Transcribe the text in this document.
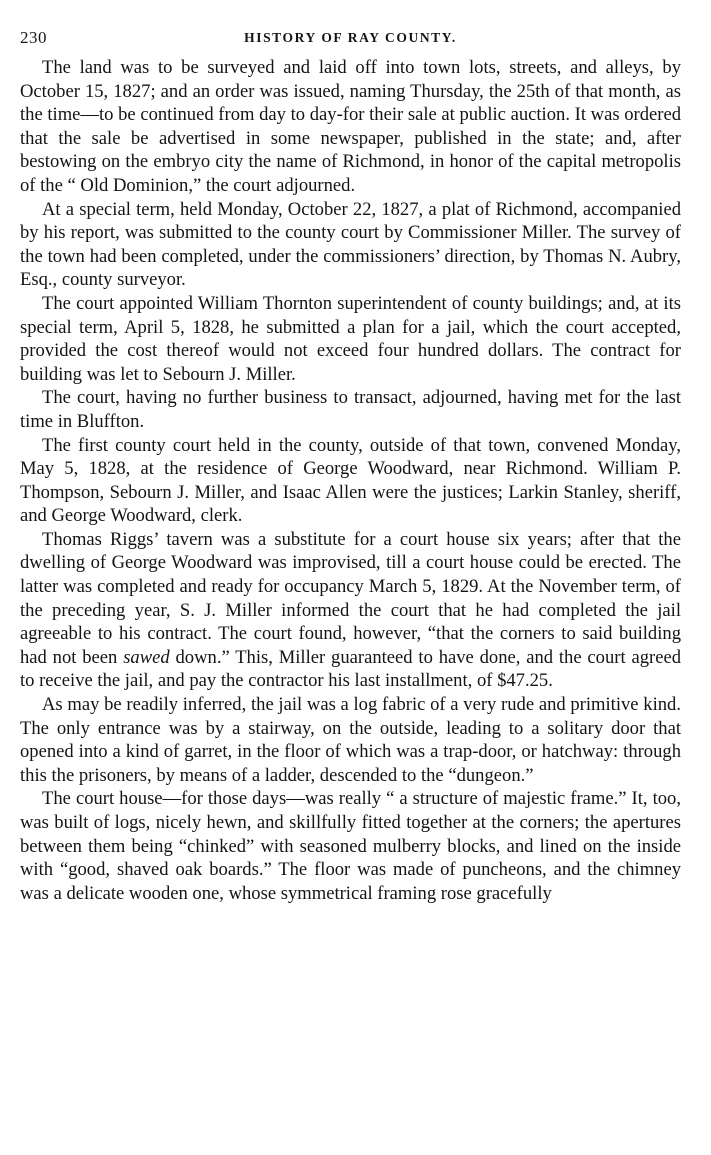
230	HISTORY OF RAY COUNTY.

The land was to be surveyed and laid off into town lots, streets, and alleys, by October 15, 1827; and an order was issued, naming Thursday, the 25th of that month, as the time—to be continued from day to day-for their sale at public auction. It was ordered that the sale be advertised in some newspaper, published in the state; and, after bestowing on the embryo city the name of Richmond, in honor of the capital metropolis of the “ Old Dominion,” the court adjourned.

At a special term, held Monday, October 22, 1827, a plat of Richmond, accompanied by his report, was submitted to the county court by Commissioner Miller. The survey of the town had been completed, under the commissioners’ direction, by Thomas N. Aubry, Esq., county surveyor.

The court appointed William Thornton superintendent of county buildings; and, at its special term, April 5, 1828, he submitted a plan for a jail, which the court accepted, provided the cost thereof would not exceed four hundred dollars. The contract for building was let to Sebourn J. Miller.

The court, having no further business to transact, adjourned, having met for the last time in Bluffton.

The first county court held in the county, outside of that town, convened Monday, May 5, 1828, at the residence of George Woodward, near Richmond. William P. Thompson, Sebourn J. Miller, and Isaac Allen were the justices; Larkin Stanley, sheriff, and George Woodward, clerk.

Thomas Riggs’ tavern was a substitute for a court house six years; after that the dwelling of George Woodward was improvised, till a court house could be erected. The latter was completed and ready for occupancy March 5, 1829. At the November term, of the preceding year, S. J. Miller informed the court that he had completed the jail agreeable to his contract. The court found, however, “that the corners to said building had not been sawed down.” This, Miller guaranteed to have done, and the court agreed to receive the jail, and pay the contractor his last installment, of $47.25.

As may be readily inferred, the jail was a log fabric of a very rude and primitive kind. The only entrance was by a stairway, on the outside, leading to a solitary door that opened into a kind of garret, in the floor of which was a trap-door, or hatchway: through this the prisoners, by means of a ladder, descended to the “dungeon.”

The court house—for those days—was really “ a structure of majestic frame.” It, too, was built of logs, nicely hewn, and skillfully fitted together at the corners; the apertures between them being “chinked” with seasoned mulberry blocks, and lined on the inside with “good, shaved oak boards.” The floor was made of puncheons, and the chimney was a delicate wooden one, whose symmetrical framing rose gracefully
